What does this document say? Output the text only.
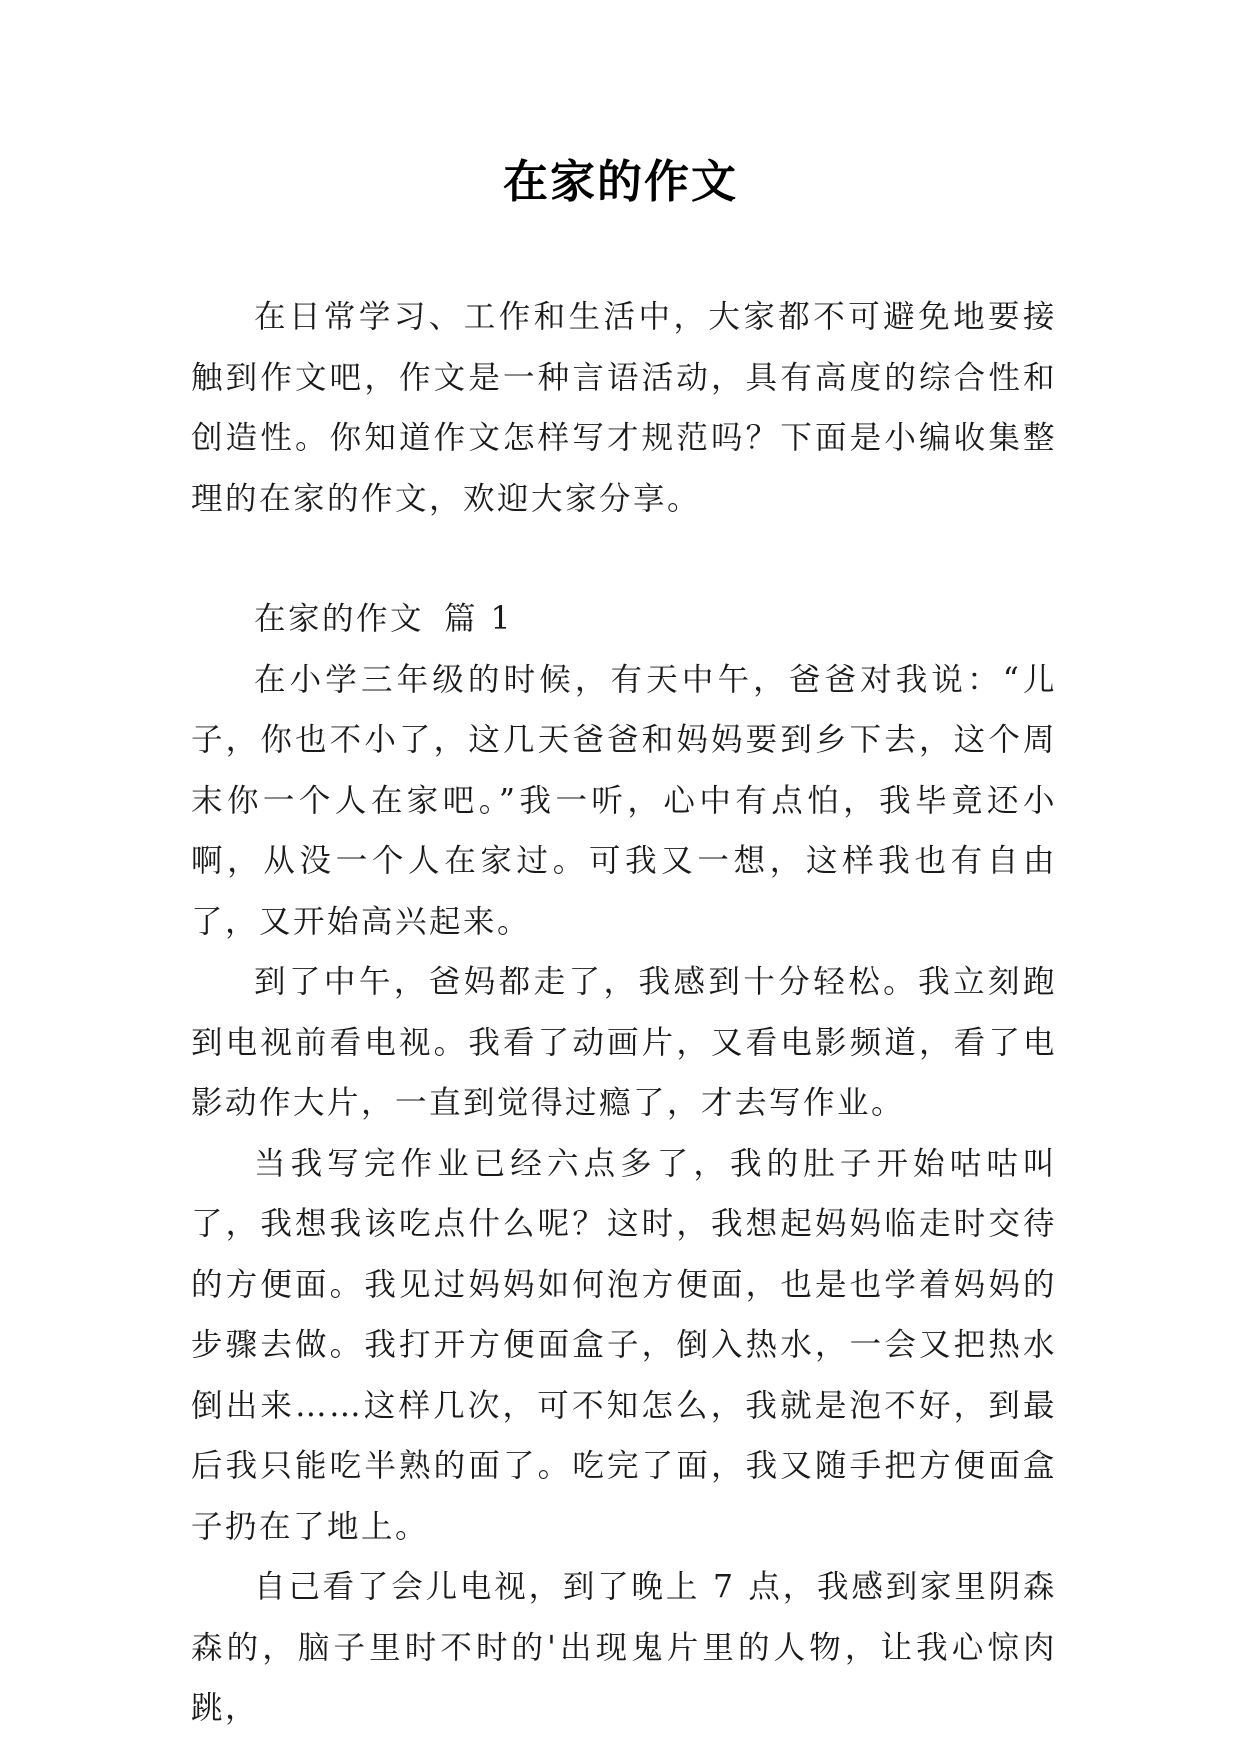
在家的作文

在日常学习、工作和生活中，大家都不可避免地要接触到作文吧，作文是一种言语活动，具有高度的综合性和创造性。你知道作文怎样写才规范吗？下面是小编收集整理的在家的作文，欢迎大家分享。

在家的作文 篇 1

在小学三年级的时候，有天中午，爸爸对我说：“儿子，你也不小了，这几天爸爸和妈妈要到乡下去，这个周末你一个人在家吧。”我一听，心中有点怕，我毕竟还小啊，从没一个人在家过。可我又一想，这样我也有自由了，又开始高兴起来。

到了中午，爸妈都走了，我感到十分轻松。我立刻跑到电视前看电视。我看了动画片，又看电影频道，看了电影动作大片，一直到觉得过瘾了，才去写作业。

当我写完作业已经六点多了，我的肚子开始咕咕叫了，我想我该吃点什么呢？这时，我想起妈妈临走时交待的方便面。我见过妈妈如何泡方便面，也是也学着妈妈的步骤去做。我打开方便面盒子，倒入热水，一会又把热水倒出来……这样几次，可不知怎么，我就是泡不好，到最后我只能吃半熟的面了。吃完了面，我又随手把方便面盒子扔在了地上。

自己看了会儿电视，到了晚上 7 点，我感到家里阴森森的，脑子里时不时的'出现鬼片里的人物，让我心惊肉跳，
